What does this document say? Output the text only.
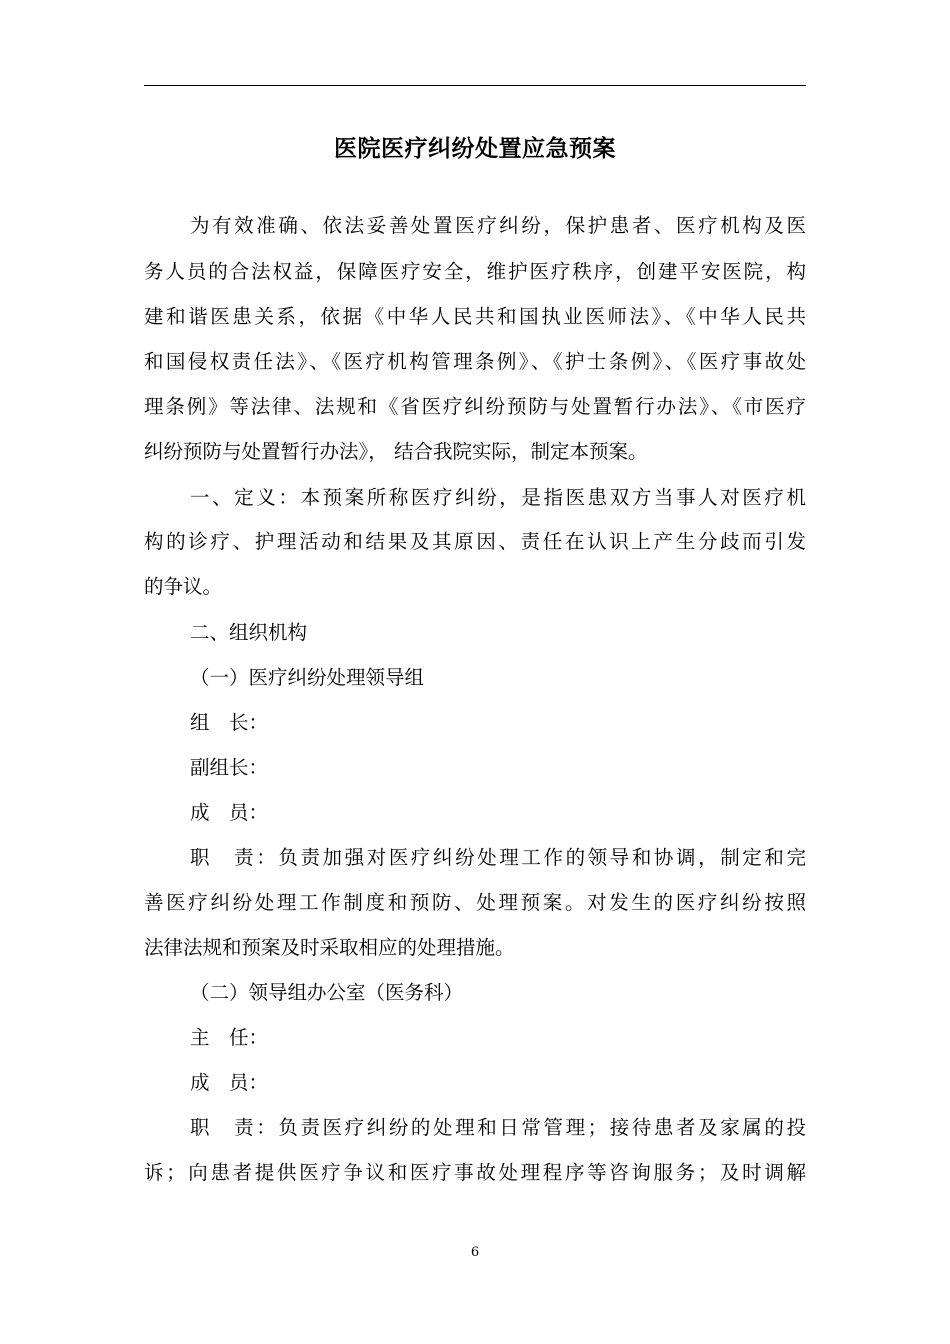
医院医疗纠纷处置应急预案
为有效准确、依法妥善处置医疗纠纷，保护患者、医疗机构及医
务人员的合法权益，保障医疗安全，维护医疗秩序，创建平安医院，构
建和谐医患关系，依据《中华人民共和国执业医师法》、《中华人民共
和国侵权责任法》、《医疗机构管理条例》、《护士条例》、《医疗事故处
理条例》等法律、法规和《省医疗纠纷预防与处置暂行办法》、《市医疗
纠纷预防与处置暂行办法》， 结合我院实际，制定本预案。
一、定义：本预案所称医疗纠纷，是指医患双方当事人对医疗机
构的诊疗、护理活动和结果及其原因、责任在认识上产生分歧而引发
的争议。
二、组织机构
（一）医疗纠纷处理领导组
组　长：
副组长：
成　员：
职　责：负责加强对医疗纠纷处理工作的领导和协调，制定和完
善医疗纠纷处理工作制度和预防、处理预案。对发生的医疗纠纷按照
法律法规和预案及时采取相应的处理措施。
（二）领导组办公室（医务科）
主　任：
成　员：
职　责：负责医疗纠纷的处理和日常管理；接待患者及家属的投
诉；向患者提供医疗争议和医疗事故处理程序等咨询服务；及时调解
6
